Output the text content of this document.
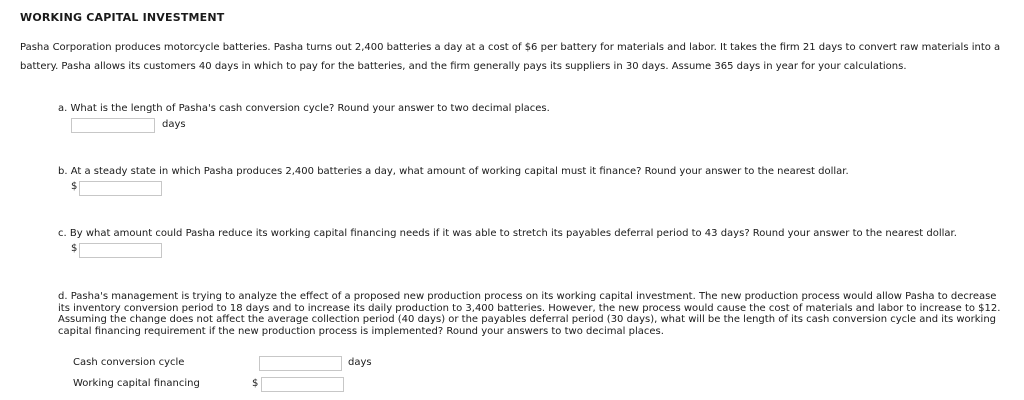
WORKING CAPITAL INVESTMENT
Pasha Corporation produces motorcycle batteries. Pasha turns out 2,400 batteries a day at a cost of $6 per battery for materials and labor. It takes the firm 21 days to convert raw materials into a battery. Pasha allows its customers 40 days in which to pay for the batteries, and the firm generally pays its suppliers in 30 days. Assume 365 days in year for your calculations.
a. What is the length of Pasha's cash conversion cycle? Round your answer to two decimal places.
days
b. At a steady state in which Pasha produces 2,400 batteries a day, what amount of working capital must it finance? Round your answer to the nearest dollar.
$
c. By what amount could Pasha reduce its working capital financing needs if it was able to stretch its payables deferral period to 43 days? Round your answer to the nearest dollar.
$
d. Pasha's management is trying to analyze the effect of a proposed new production process on its working capital investment. The new production process would allow Pasha to decrease its inventory conversion period to 18 days and to increase its daily production to 3,400 batteries. However, the new process would cause the cost of materials and labor to increase to $12. Assuming the change does not affect the average collection period (40 days) or the payables deferral period (30 days), what will be the length of its cash conversion cycle and its working capital financing requirement if the new production process is implemented? Round your answers to two decimal places.
Cash conversion cycle	days
Working capital financing	$
